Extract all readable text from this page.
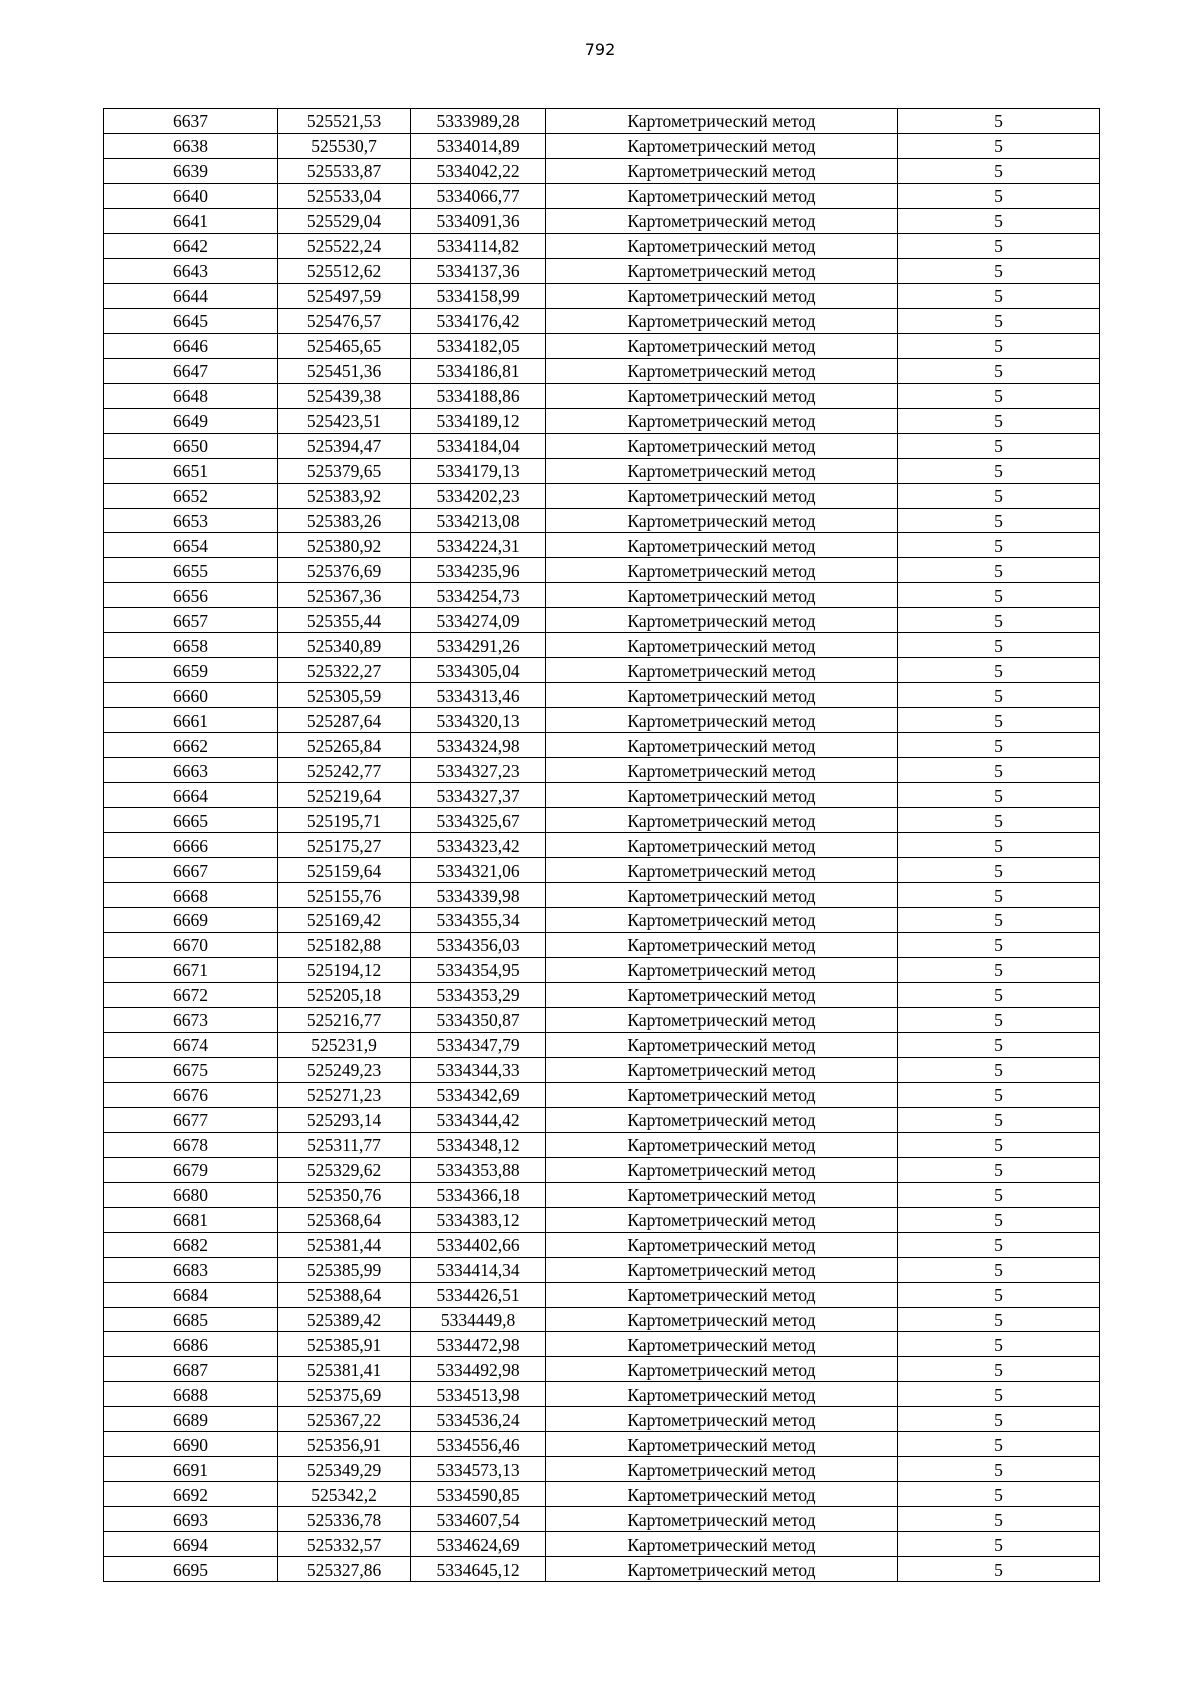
792
6637	525521,53	5333989,28	Картометрический метод	5
6638	525530,7	5334014,89	Картометрический метод	5
6639	525533,87	5334042,22	Картометрический метод	5
6640	525533,04	5334066,77	Картометрический метод	5
6641	525529,04	5334091,36	Картометрический метод	5
6642	525522,24	5334114,82	Картометрический метод	5
6643	525512,62	5334137,36	Картометрический метод	5
6644	525497,59	5334158,99	Картометрический метод	5
6645	525476,57	5334176,42	Картометрический метод	5
6646	525465,65	5334182,05	Картометрический метод	5
6647	525451,36	5334186,81	Картометрический метод	5
6648	525439,38	5334188,86	Картометрический метод	5
6649	525423,51	5334189,12	Картометрический метод	5
6650	525394,47	5334184,04	Картометрический метод	5
6651	525379,65	5334179,13	Картометрический метод	5
6652	525383,92	5334202,23	Картометрический метод	5
6653	525383,26	5334213,08	Картометрический метод	5
6654	525380,92	5334224,31	Картометрический метод	5
6655	525376,69	5334235,96	Картометрический метод	5
6656	525367,36	5334254,73	Картометрический метод	5
6657	525355,44	5334274,09	Картометрический метод	5
6658	525340,89	5334291,26	Картометрический метод	5
6659	525322,27	5334305,04	Картометрический метод	5
6660	525305,59	5334313,46	Картометрический метод	5
6661	525287,64	5334320,13	Картометрический метод	5
6662	525265,84	5334324,98	Картометрический метод	5
6663	525242,77	5334327,23	Картометрический метод	5
6664	525219,64	5334327,37	Картометрический метод	5
6665	525195,71	5334325,67	Картометрический метод	5
6666	525175,27	5334323,42	Картометрический метод	5
6667	525159,64	5334321,06	Картометрический метод	5
6668	525155,76	5334339,98	Картометрический метод	5
6669	525169,42	5334355,34	Картометрический метод	5
6670	525182,88	5334356,03	Картометрический метод	5
6671	525194,12	5334354,95	Картометрический метод	5
6672	525205,18	5334353,29	Картометрический метод	5
6673	525216,77	5334350,87	Картометрический метод	5
6674	525231,9	5334347,79	Картометрический метод	5
6675	525249,23	5334344,33	Картометрический метод	5
6676	525271,23	5334342,69	Картометрический метод	5
6677	525293,14	5334344,42	Картометрический метод	5
6678	525311,77	5334348,12	Картометрический метод	5
6679	525329,62	5334353,88	Картометрический метод	5
6680	525350,76	5334366,18	Картометрический метод	5
6681	525368,64	5334383,12	Картометрический метод	5
6682	525381,44	5334402,66	Картометрический метод	5
6683	525385,99	5334414,34	Картометрический метод	5
6684	525388,64	5334426,51	Картометрический метод	5
6685	525389,42	5334449,8	Картометрический метод	5
6686	525385,91	5334472,98	Картометрический метод	5
6687	525381,41	5334492,98	Картометрический метод	5
6688	525375,69	5334513,98	Картометрический метод	5
6689	525367,22	5334536,24	Картометрический метод	5
6690	525356,91	5334556,46	Картометрический метод	5
6691	525349,29	5334573,13	Картометрический метод	5
6692	525342,2	5334590,85	Картометрический метод	5
6693	525336,78	5334607,54	Картометрический метод	5
6694	525332,57	5334624,69	Картометрический метод	5
6695	525327,86	5334645,12	Картометрический метод	5
